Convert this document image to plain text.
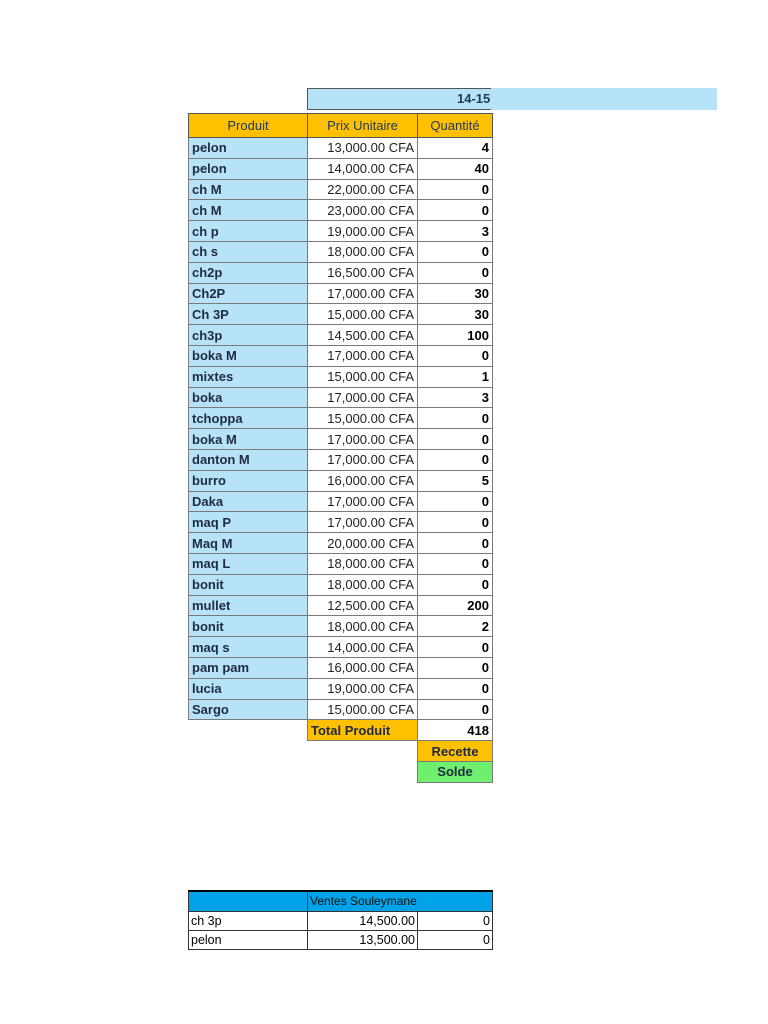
14-15
Produit	Prix Unitaire	Quantité
pelon	13,000.00 CFA	4
pelon	14,000.00 CFA	40
ch M	22,000.00 CFA	0
ch M	23,000.00 CFA	0
ch p	19,000.00 CFA	3
ch s	18,000.00 CFA	0
ch2p	16,500.00 CFA	0
Ch2P	17,000.00 CFA	30
Ch 3P	15,000.00 CFA	30
ch3p	14,500.00 CFA	100
boka M	17,000.00 CFA	0
mixtes	15,000.00 CFA	1
boka	17,000.00 CFA	3
tchoppa	15,000.00 CFA	0
boka M	17,000.00 CFA	0
danton M	17,000.00 CFA	0
burro	16,000.00 CFA	5
Daka	17,000.00 CFA	0
maq P	17,000.00 CFA	0
Maq M	20,000.00 CFA	0
maq L	18,000.00 CFA	0
bonit	18,000.00 CFA	0
mullet	12,500.00 CFA	200
bonit	18,000.00 CFA	2
maq s	14,000.00 CFA	0
pam pam	16,000.00 CFA	0
lucia	19,000.00 CFA	0
Sargo	15,000.00 CFA	0
	Total Produit	418
		Recette
		Solde
	Ventes Souleymane	
ch 3p	14,500.00	0
pelon	13,500.00	0
